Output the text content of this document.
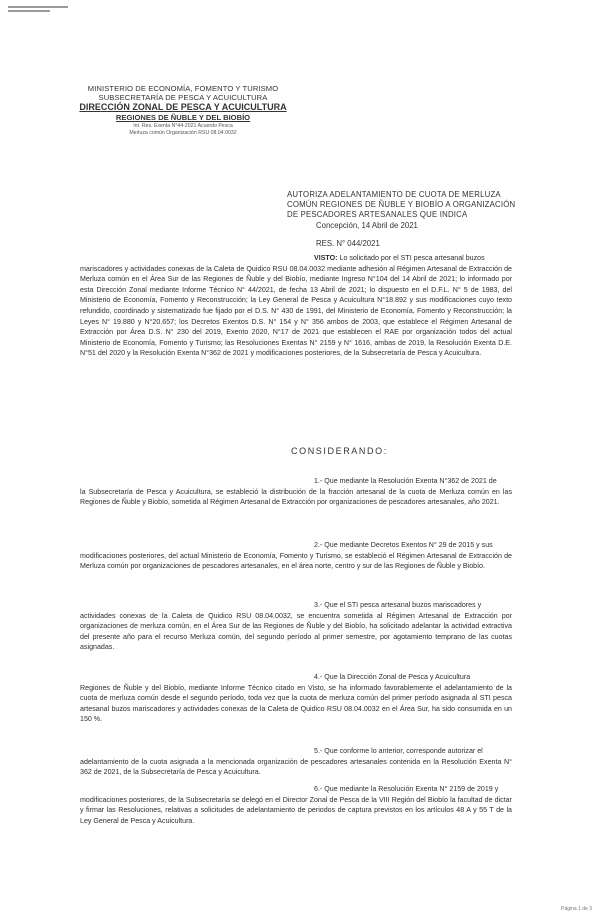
MINISTERIO DE ECONOMÍA, FOMENTO Y TURISMO
SUBSECRETARÍA DE PESCA Y ACUICULTURA
DIRECCIÓN ZONAL DE PESCA Y ACUICULTURA
REGIONES DE ÑUBLE Y DEL BIOBÍO
Int. Res. Exenta N°44-2021 Acuerdo Pesca
Merluza común Organización RSU 08.04.0032
AUTORIZA ADELANTAMIENTO DE CUOTA DE MERLUZA
COMÚN REGIONES DE ÑUBLE Y BIOBÍO A ORGANIZACIÓN
DE PESCADORES ARTESANALES QUE INDICA
Concepción, 14 Abril de 2021
RES. N° 044/2021

VISTO: Lo solicitado por el STI pesca artesanal buzos

mariscadores y actividades conexas de la Caleta de Quidico RSU 08.04.0032 mediante adhesión al Régimen Artesanal de Extracción de Merluza común en el Área Sur de las Regiones de Ñuble y del Biobío, mediante Ingreso N°104 del 14 Abril de 2021; lo informado por esta Dirección Zonal mediante Informe Técnico N° 44/2021, de fecha 13 Abril de 2021; lo dispuesto en el D.F.L. N° 5 de 1983, del Ministerio de Economía, Fomento y Reconstrucción; la Ley General de Pesca y Acuicultura N°18.892 y sus modificaciones cuyo texto refundido, coordinado y sistematizado fue fijado por el D.S. N° 430 de 1991, del Ministerio de Economía, Fomento y Reconstrucción; la Leyes N° 19.880 y N°20.657; los Decretos Exentos D.S. N° 154 y N° 356 ambos de 2003, que establece el Régimen Artesanal de Extracción por Área D.S. N° 230 del 2019, Exento 2020, N°17 de 2021 que establecen el RAE por organización todos del actual Ministerio de Economía, Fomento y Turismo; las Resoluciones Exentas N° 2159 y N° 1616, ambas de 2019, la Resolución Exenta D.E. N°51 del 2020 y la Resolución Exenta N°362 de 2021 y modificaciones posteriores, de la Subsecretaría de Pesca y Acuicultura.

CONSIDERANDO:

1.- Que mediante la Resolución Exenta N°362 de 2021 de

la Subsecretaría de Pesca y Acuicultura, se estableció la distribución de la fracción artesanal de la cuota de Merluza común en las Regiones de Ñuble y Biobío, sometida al Régimen Artesanal de Extracción por organizaciones de pescadores artesanales, año 2021.

2.- Que mediante Decretos Exentos N° 29 de 2015 y sus

modificaciones posteriores, del actual Ministerio de Economía, Fomento y Turismo, se estableció el Régimen Artesanal de Extracción de Merluza común por organizaciones de pescadores artesanales, en el área norte, centro y sur de las Regiones de Ñuble y Biobío.

3.- Que el STI pesca artesanal buzos mariscadores y

actividades conexas de la Caleta de Quidico RSU 08.04.0032, se encuentra sometida al Régimen Artesanal de Extracción por organizaciones de merluza común, en el Área Sur de las Regiones de Ñuble y del Biobío, ha solicitado adelantar la actividad extractiva del presente año para el recurso Merluza común, del segundo período al primer semestre, por agotamiento temprano de las cuotas asignadas.

4.- Que la Dirección Zonal de Pesca y Acuicultura

Regiones de Ñuble y del Biobío, mediante Informe Técnico citado en Visto, se ha informado favorablemente el adelantamiento de la cuota de merluza común desde el segundo período, toda vez que la cuota de merluza común del primer período asignada al STI pesca artesanal buzos mariscadores y actividades conexas de la Caleta de Quidico RSU 08.04.0032 en el Área Sur, ha sido consumida en un 150 %.

5.- Que conforme lo anterior, corresponde autorizar el

adelantamiento de la cuota asignada a la mencionada organización de pescadores artesanales contenida en la Resolución Exenta N° 362 de 2021, de la Subsecretaría de Pesca y Acuicultura.

6.- Que mediante la Resolución Exenta N° 2159 de 2019 y

modificaciones posteriores, de la Subsecretaría se delegó en el Director Zonal de Pesca de la VIII Región del Biobío la facultad de dictar y firmar las Resoluciones, relativas a solicitudes de adelantamiento de periodos de captura previstos en los artículos 48 A y 55 T de la Ley General de Pesca y Acuicultura.

Página 1 de 3
